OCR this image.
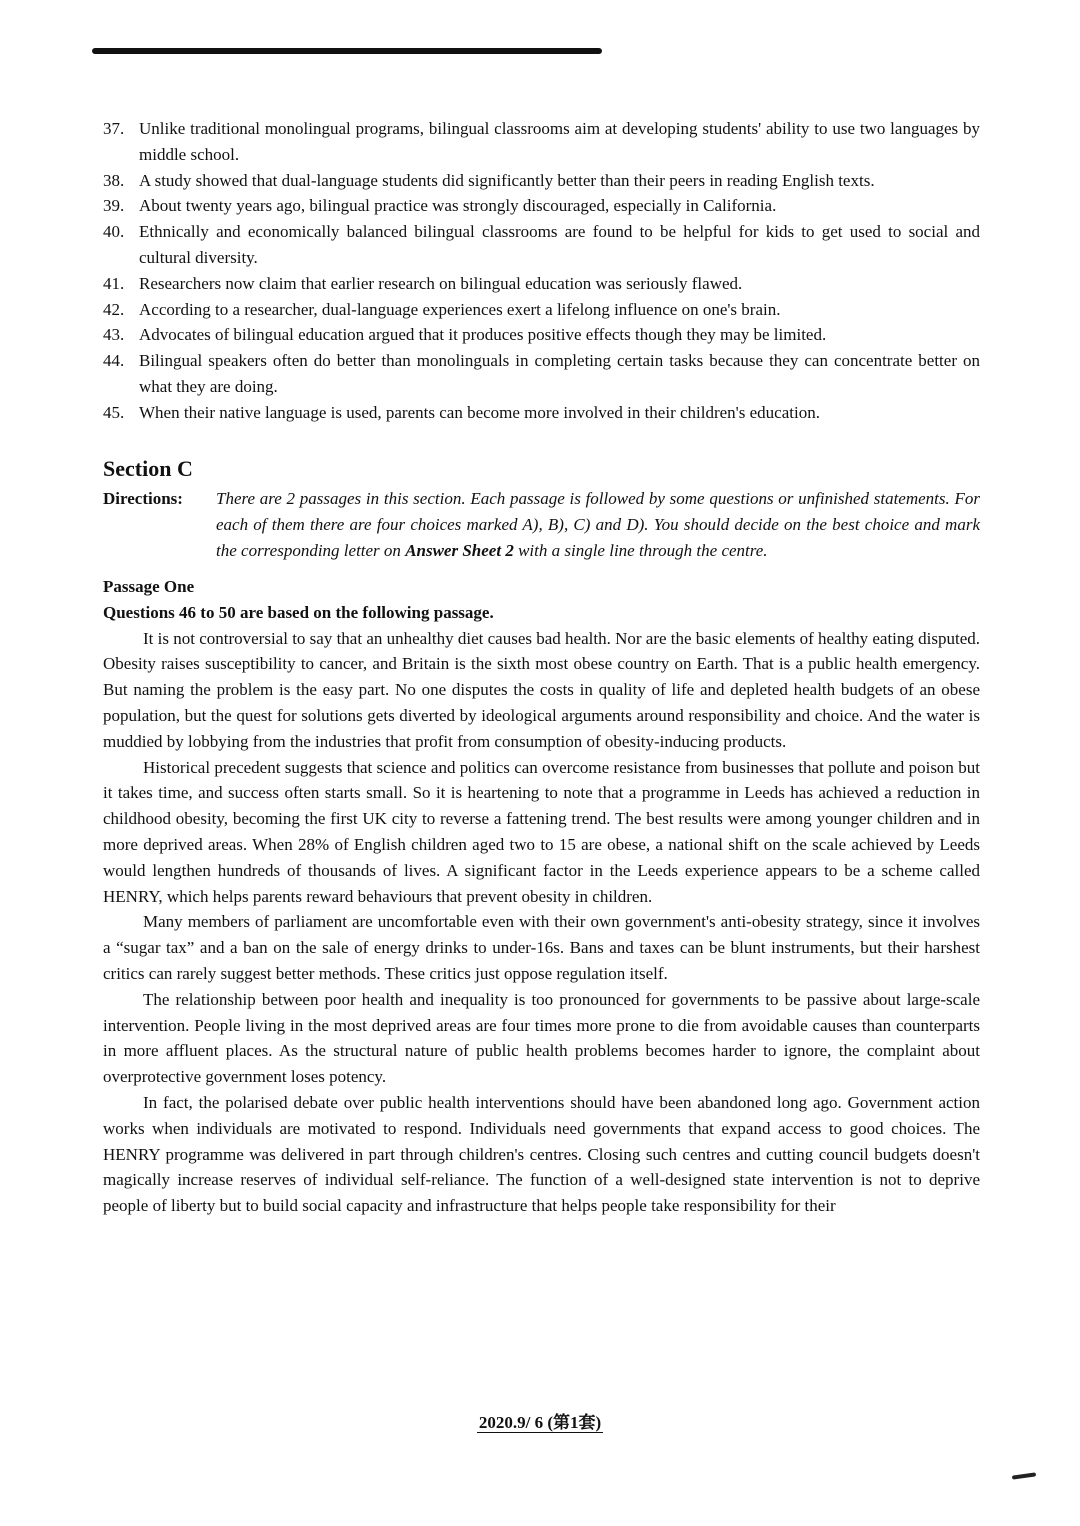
37. Unlike traditional monolingual programs, bilingual classrooms aim at developing students' ability to use two languages by middle school.
38. A study showed that dual-language students did significantly better than their peers in reading English texts.
39. About twenty years ago, bilingual practice was strongly discouraged, especially in California.
40. Ethnically and economically balanced bilingual classrooms are found to be helpful for kids to get used to social and cultural diversity.
41. Researchers now claim that earlier research on bilingual education was seriously flawed.
42. According to a researcher, dual-language experiences exert a lifelong influence on one's brain.
43. Advocates of bilingual education argued that it produces positive effects though they may be limited.
44. Bilingual speakers often do better than monolinguals in completing certain tasks because they can concentrate better on what they are doing.
45. When their native language is used, parents can become more involved in their children's education.
Section C
Directions:	There are 2 passages in this section. Each passage is followed by some questions or unfinished statements. For each of them there are four choices marked A), B), C) and D). You should decide on the best choice and mark the corresponding letter on Answer Sheet 2 with a single line through the centre.
Passage One
Questions 46 to 50 are based on the following passage.

It is not controversial to say that an unhealthy diet causes bad health. Nor are the basic elements of healthy eating disputed. Obesity raises susceptibility to cancer, and Britain is the sixth most obese country on Earth. That is a public health emergency. But naming the problem is the easy part. No one disputes the costs in quality of life and depleted health budgets of an obese population, but the quest for solutions gets diverted by ideological arguments around responsibility and choice. And the water is muddied by lobbying from the industries that profit from consumption of obesity-inducing products.

Historical precedent suggests that science and politics can overcome resistance from businesses that pollute and poison but it takes time, and success often starts small. So it is heartening to note that a programme in Leeds has achieved a reduction in childhood obesity, becoming the first UK city to reverse a fattening trend. The best results were among younger children and in more deprived areas. When 28% of English children aged two to 15 are obese, a national shift on the scale achieved by Leeds would lengthen hundreds of thousands of lives. A significant factor in the Leeds experience appears to be a scheme called HENRY, which helps parents reward behaviours that prevent obesity in children.

Many members of parliament are uncomfortable even with their own government's anti-obesity strategy, since it involves a “sugar tax” and a ban on the sale of energy drinks to under-16s. Bans and taxes can be blunt instruments, but their harshest critics can rarely suggest better methods. These critics just oppose regulation itself.

The relationship between poor health and inequality is too pronounced for governments to be passive about large-scale intervention. People living in the most deprived areas are four times more prone to die from avoidable causes than counterparts in more affluent places. As the structural nature of public health problems becomes harder to ignore, the complaint about overprotective government loses potency.

In fact, the polarised debate over public health interventions should have been abandoned long ago. Government action works when individuals are motivated to respond. Individuals need governments that expand access to good choices. The HENRY programme was delivered in part through children's centres. Closing such centres and cutting council budgets doesn't magically increase reserves of individual self-reliance. The function of a well-designed state intervention is not to deprive people of liberty but to build social capacity and infrastructure that helps people take responsibility for their

2020.9/ 6 (第1套)
